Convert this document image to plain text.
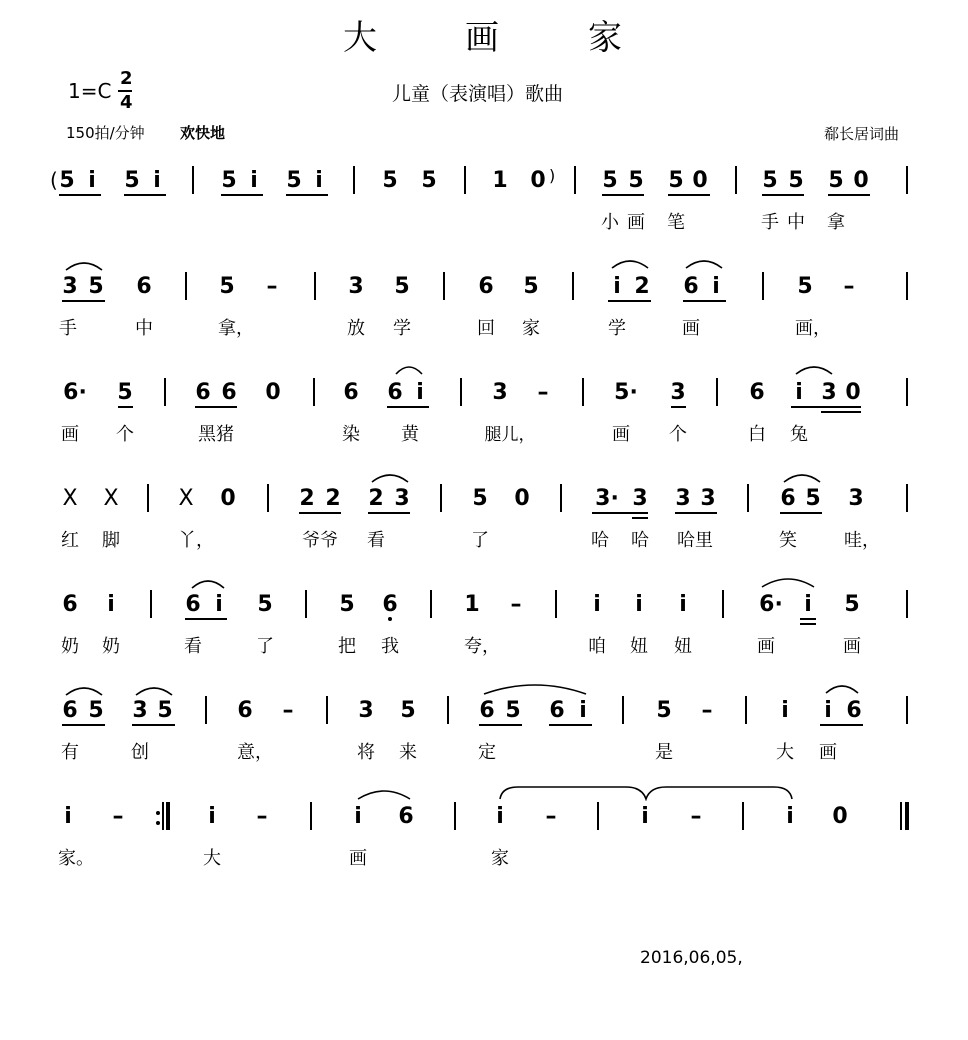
大	画	家
1=C
2
4	儿童（表演唱）歌曲
150拍/分钟 欢快地	郗长居词曲
( 5 i 5 i	5 i 5 i	5 5	1 0 ) 5 5 5 0 5 5 5 0
小 画 笔	手 中 拿
3 5 6	5 –	3 5	6 5	i 2 6 i	5 –
手	中	拿，	放 学	回 家	学	画	画，
6· 5	6 6 0	6 6 i	3 –	5· 3	6 i 3 0
画 个	黑猪	染 黄	腿儿，	画 个	白 兔
X X	X 0	2 2 2 3	5 0	3· 3 3 3	6 5 3
红 脚	丫，	爷爷 看	了	哈 哈 哈里	笑	哇，
6 i	6 i 5	5 6	1 –	i i i	6· i 5
奶 奶	看	了	把 我	夸，	咱 妞 妞	画	画
6 5 3 5	6 –	3 5	6 5 6 i	5 –	i i 6
有	创	意，	将 来	定	是	大 画
i –	i –	i 6	i –	i –	i 0
家。	大	画	家
2016,06,05,
